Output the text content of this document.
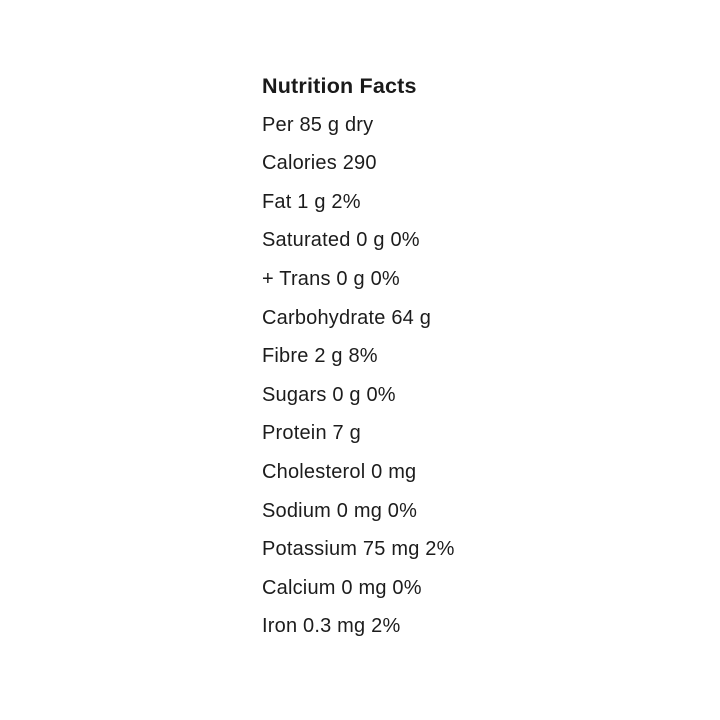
Nutrition Facts
Per 85 g dry
Calories 290
Fat 1 g 2%
Saturated 0 g 0%
+ Trans 0 g 0%
Carbohydrate 64 g
Fibre 2 g 8%
Sugars 0 g 0%
Protein 7 g
Cholesterol 0 mg
Sodium 0 mg 0%
Potassium 75 mg 2%
Calcium 0 mg 0%
Iron 0.3 mg 2%
